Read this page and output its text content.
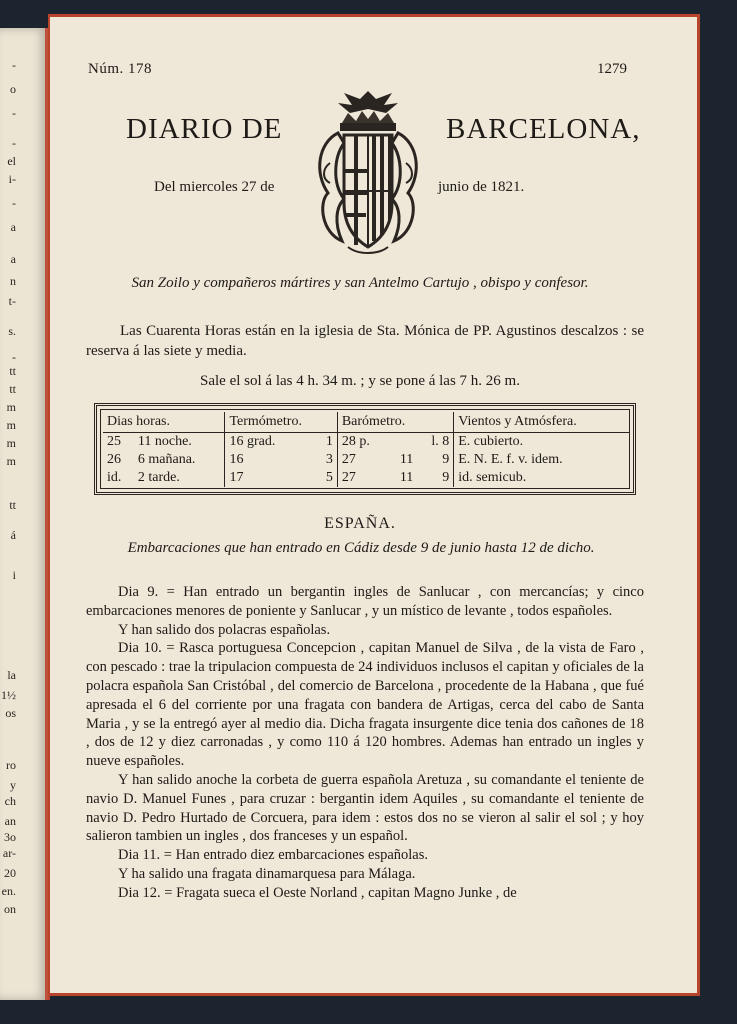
-
o
-
-
el
i-
-
a
a
n
t-
s.
-
tt
tt
m
m
m
m
tt
á
i
la
1½
os
ro
y
ch
an
3o
ar-
20
en.
on
Núm. 178	1279
DIARIO DE	BARCELONA,
Del miercoles 27 de	junio de 1821.
San Zoilo y compañeros mártires y san Antelmo Cartujo , obispo y confesor.
Las Cuarenta Horas están en la iglesia de Sta. Mónica de PP. Agustinos descalzos : se reserva á las siete y media.
Sale el sol á las 4 h. 34 m. ; y se pone á las 7 h. 26 m.
Dias horas.		Termómetro.		Barómetro.			Vientos y Atmósfera.
25	11 noche.	16 grad.	1	28 p.		l. 8	E. cubierto.
26	6 mañana.	16	3	27	11	9	E. N. E. f. v. idem.
id.	2 tarde.	17	5	27	11	9	id. semicub.
ESPAÑA.
Embarcaciones que han entrado en Cádiz desde 9 de junio hasta 12 de dicho.

Dia 9. = Han entrado un bergantin ingles de Sanlucar , con mercancías; y cinco embarcaciones menores de poniente y Sanlucar , y un místico de levante , todos españoles.

Y han salido dos polacras españolas.

Dia 10. = Rasca portuguesa Concepcion , capitan Manuel de Silva , de la vista de Faro , con pescado : trae la tripulacion compuesta de 24 individuos inclusos el capitan y oficiales de la polacra española San Cristóbal , del comercio de Barcelona , procedente de la Habana , que fué apresada el 6 del corriente por una fragata con bandera de Artigas, cerca del cabo de Santa Maria , y se la entregó ayer al medio dia. Dicha fragata insurgente dice tenia dos cañones de 18 , dos de 12 y diez carronadas , y como 110 á 120 hombres. Ademas han entrado un ingles y nueve españoles.

Y han salido anoche la corbeta de guerra española Aretuza , su comandante el teniente de navio D. Manuel Funes , para cruzar : bergantin idem Aquiles , su comandante el teniente de navio D. Pedro Hurtado de Corcuera, para idem : estos dos no se vieron al salir el sol ; y hoy salieron tambien un ingles , dos franceses y un español.

Dia 11. = Han entrado diez embarcaciones españolas.

Y ha salido una fragata dinamarquesa para Málaga.

Dia 12. = Fragata sueca el Oeste Norland , capitan Magno Junke , de
